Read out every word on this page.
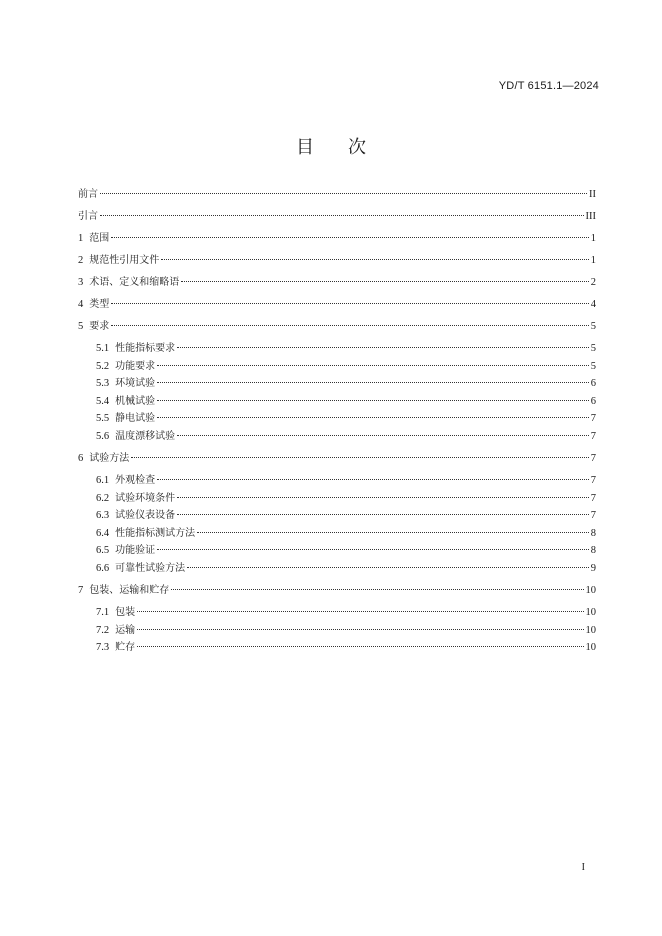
YD/T 6151.1—2024
目次
前言	II
引言	III
1 范围	1
2 规范性引用文件	1
3 术语、定义和缩略语	2
4 类型	4
5 要求	5
5.1 性能指标要求	5
5.2 功能要求	5
5.3 环境试验	6
5.4 机械试验	6
5.5 静电试验	7
5.6 温度漂移试验	7
6 试验方法	7
6.1 外观检查	7
6.2 试验环境条件	7
6.3 试验仪表设备	7
6.4 性能指标测试方法	8
6.5 功能验证	8
6.6 可靠性试验方法	9
7 包装、运输和贮存	10
7.1 包装	10
7.2 运输	10
7.3 贮存	10
I
